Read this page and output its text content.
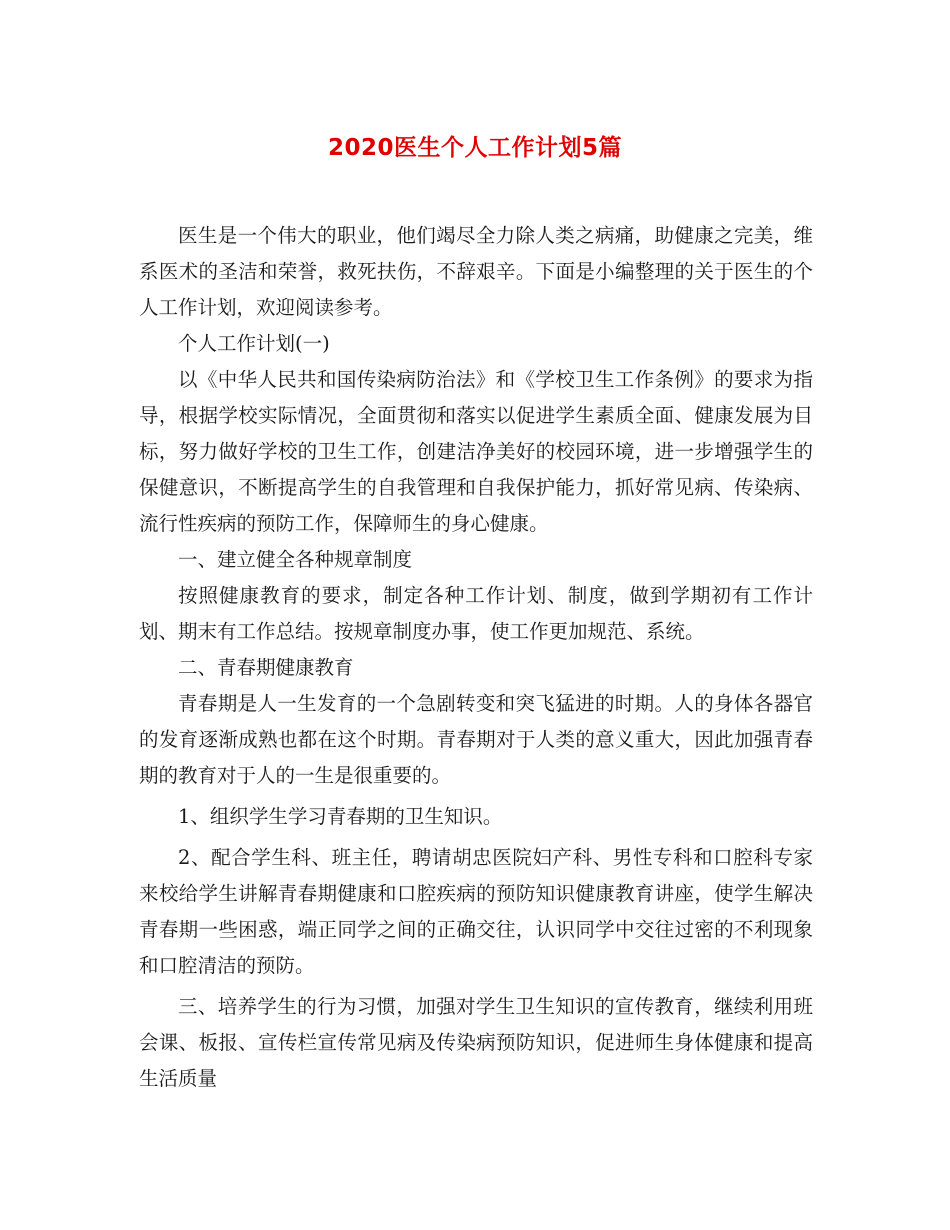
2020医生个人工作计划5篇

医生是一个伟大的职业，他们竭尽全力除人类之病痛，助健康之完美，维系医术的圣洁和荣誉，救死扶伤，不辞艰辛。下面是小编整理的关于医生的个人工作计划，欢迎阅读参考。

个人工作计划(一)

以《中华人民共和国传染病防治法》和《学校卫生工作条例》的要求为指导，根据学校实际情况，全面贯彻和落实以促进学生素质全面、健康发展为目标，努力做好学校的卫生工作，创建洁净美好的校园环境，进一步增强学生的保健意识，不断提高学生的自我管理和自我保护能力，抓好常见病、传染病、流行性疾病的预防工作，保障师生的身心健康。

一、建立健全各种规章制度

按照健康教育的要求，制定各种工作计划、制度，做到学期初有工作计划、期末有工作总结。按规章制度办事，使工作更加规范、系统。

二、青春期健康教育

青春期是人一生发育的一个急剧转变和突飞猛进的时期。人的身体各器官的发育逐渐成熟也都在这个时期。青春期对于人类的意义重大，因此加强青春期的教育对于人的一生是很重要的。

1、组织学生学习青春期的卫生知识。

2、配合学生科、班主任，聘请胡忠医院妇产科、男性专科和口腔科专家来校给学生讲解青春期健康和口腔疾病的预防知识健康教育讲座，使学生解决青春期一些困惑，端正同学之间的正确交往，认识同学中交往过密的不利现象和口腔清洁的预防。

三、培养学生的行为习惯，加强对学生卫生知识的宣传教育，继续利用班会课、板报、宣传栏宣传常见病及传染病预防知识，促进师生身体健康和提高生活质量
